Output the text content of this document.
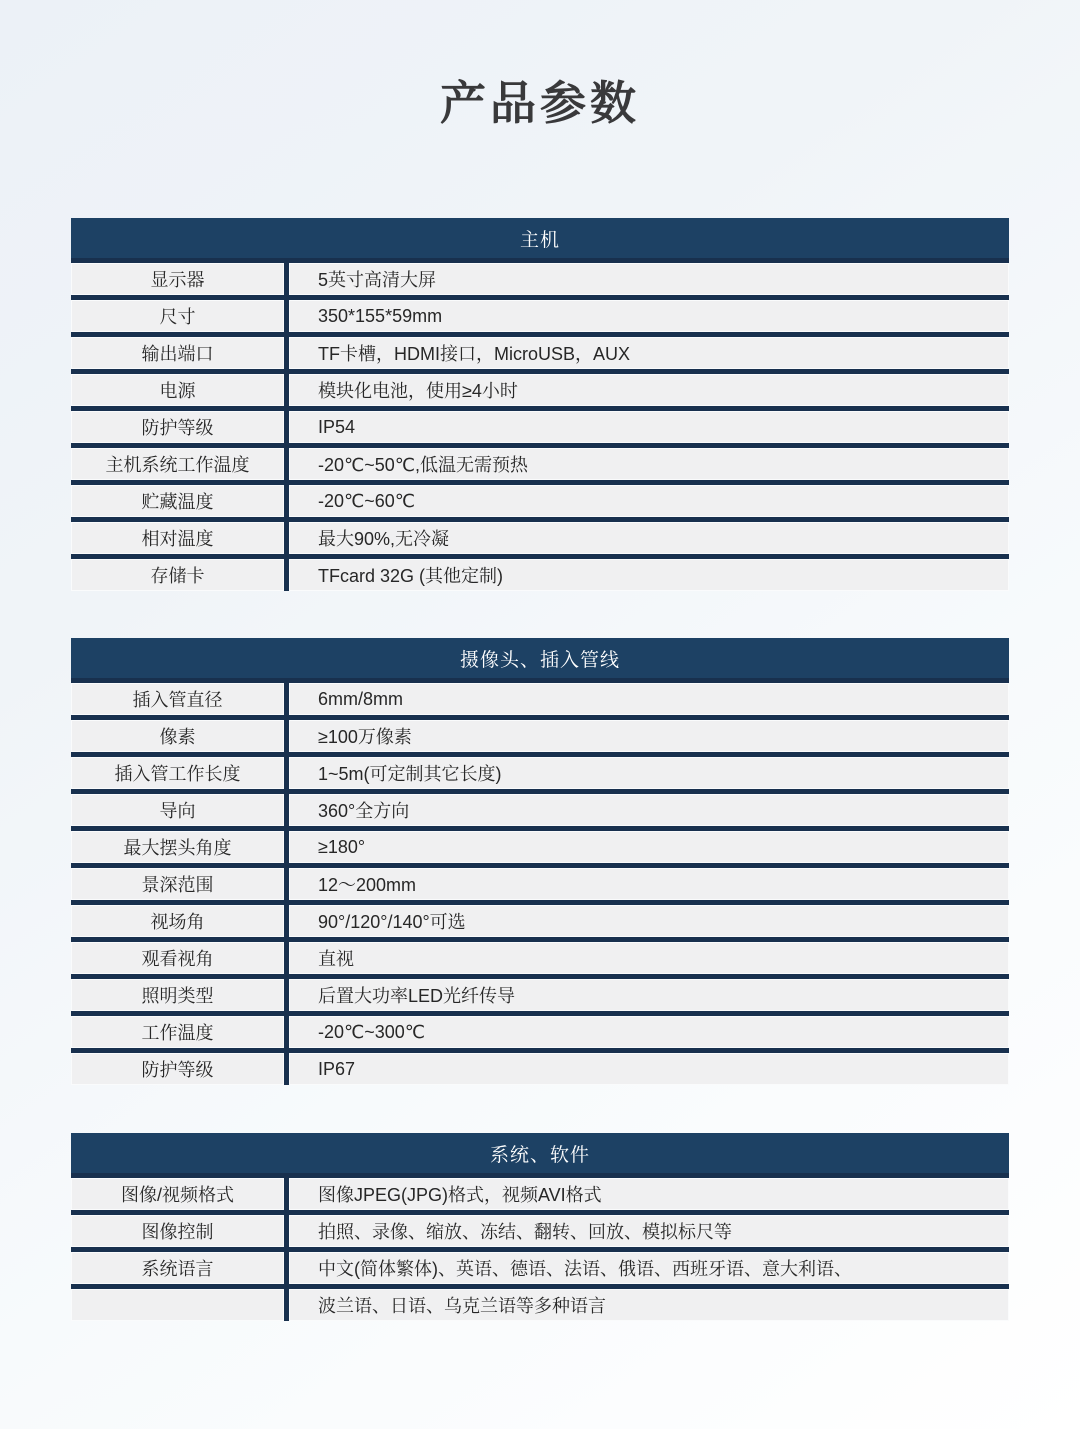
产品参数
主机
显示器	5英寸高清大屏
尺寸	350*155*59mm
输出端口	TF卡槽，HDMI接口，MicroUSB，AUX
电源	模块化电池，使用≥4小时
防护等级	IP54
主机系统工作温度	-20℃~50℃,低温无需预热
贮藏温度	-20℃~60℃
相对温度	最大90%,无冷凝
存储卡	TFcard 32G (其他定制)
摄像头、插入管线
插入管直径	6mm/8mm
像素	≥100万像素
插入管工作长度	1~5m(可定制其它长度)
导向	360°全方向
最大摆头角度	≥180°
景深范围	12～200mm
视场角	90°/120°/140°可选
观看视角	直视
照明类型	后置大功率LED光纤传导
工作温度	-20℃~300℃
防护等级	IP67
系统、软件
图像/视频格式	图像JPEG(JPG)格式，视频AVI格式
图像控制	拍照、录像、缩放、冻结、翻转、回放、模拟标尺等
系统语言	中文(简体繁体)、英语、德语、法语、俄语、西班牙语、意大利语、
波兰语、日语、乌克兰语等多种语言
